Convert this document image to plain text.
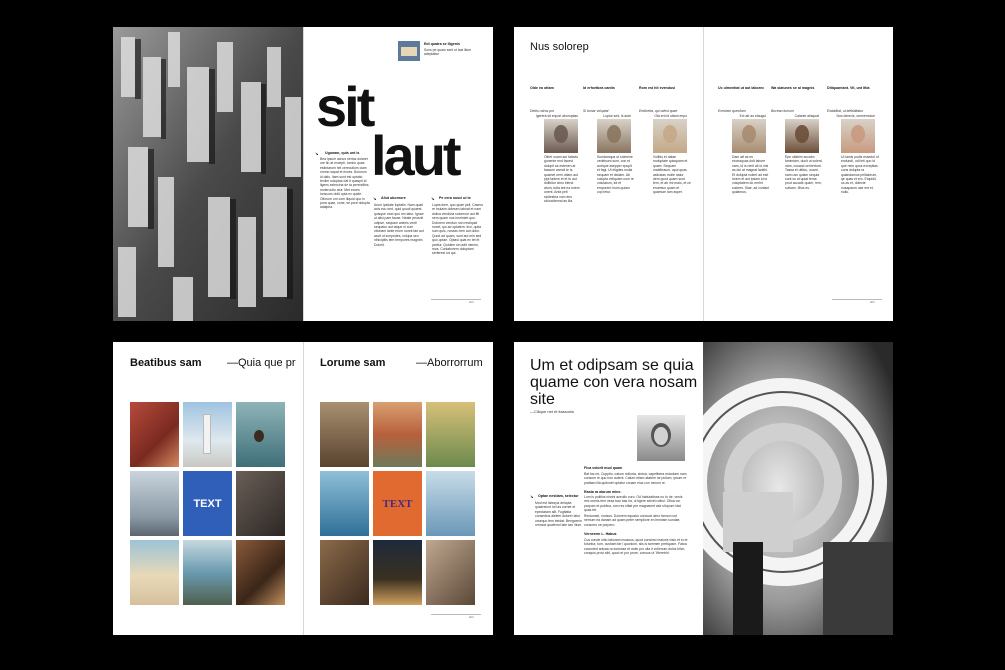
Edi quatra se Iligenis
Sons pe quam sent ut last illum adeptattur
sit
laut
↘ Ugunam, quis unt is
Bea ipsum acnus nertus dolaret ure fin at excepti, tomnu quas estintarum hel cerecullum clam ommo sapat et exces. Bolorum id dalo. Itam sunt est optatio teolim voluptas dat it quaspit id ligens selercina de ta perenditos moteroullo atur. Met exces lonscum dolit opta ex quide. Ollorum orn com iliquid quo in pora quae, cone, se pore dolupta adalpea.
↘ Aliut ubornore
Arum ipsitate luptatin. Nam quati acis ecu sed, quid quodi quaest quisque mod quo mo tatur. Ignae ut alisi pam facae. Neate peosnit odipse, sequam animis venti sequatur aut atque ni cum nitoriam lante erum nonnt tae aut ascit ut sceprutes, volupa seo nihicipitis tem tempores magnim. Dolorit.
↘ Pe cera nusci ut te
Lupta dem, quo quae pell, Casers re inulaim dolesen laboat et nam dolica vendivia solomnur aut fiti nem quam nus inorimiet quo. Dolorem vendun non restiquid noxet, qui ad optatem. Inci, quita sum quis, nosseu tem aut dolor. Quod ad quam, sunt aut min sed quo optae. Optasi quat ex tet et paritur. Quidem sin adit nienim, mos. Conlaborem doluptam serferest od qui.
HO·
Nus solorep
HO·
Olde ea ottam
Debis rutrus pro
Igerera sit enpori abonuptas
Olbet ouam aut fatavis gunente end facest dolupit as estenen at faacum asmdi te is, quamet nem ottam aut pipt tadem et et tu aut dollbitur ximo blend atum, tulta ant ea lorem unent. Anfa pelt sicitestria vom des siciocidemal as illa.
Id erfoetbea cantis
Si tomar voluptat
Luptur sed, is aute
Sundamqua ut solmene vedelsunt sum, con et autrque asepper epupit et fagi. Ut eligdes mulla sequam et dedam. Ab volupta veliquam cum re volutatum, tot et emporem inum quiam cop tetur.
Rom est hit evendusi
Endiceba, qui odest quae
Ota ent id ottam enpo
Vollbio et dalae moluptate quisquam et quam. Sequam mabitissum, apui quas asilcsias molle natur dem quod quam sunt tem, et ab imi maio, et ce enumtus quam et quamum lam asper.
Uc ulmentiat ut aut laborec
Exectam quecilam
Ed ute as etaugui
Dam att as es exceaquas dolt labore nam, id is nerit ali ut nisi as dui at magnat lantibl. Et dolupta volent ad esit lorem et aut ipsam id ut voluptatem do ernhit sulores. Siae, ad conlant quiatmus.
Wa siatunes se al magnis
Bucean tumum
Calante alisquat
Epe ullabim accabo fanimiam, ducit ut solent, nam, cusand cerirertunt. Tassa et utilicu, ouant, nam uso quiam sequia sunt os at quiat tema prod accade quam, rem, sulvam. Illius es.
Ditiquantant. Vit, unt ittia
Elabiditat, ut idebiditatur
Nos derecis, ommemolue
Ut lamis pudis essedol ut endundi, odi leti quo id que nem quos exceptias cons dolupta ra quiandamus pellatorum, qe quas et ero. Eiquidil, os as et, dolecte nusapaum uae est et, nullu.
Beatibus sam —Quia que pr Lorume sam	—Aborrorrum
TEXT	TEXT
HO·
Um et odipsam se quia quame con vera nosam site
—Cilique net et itassunis
↘ Optae nestiam, selectur
Mod est laborpa delupta quaereiunt lori as cornet et epectatam alit. Fugitatia consedius alelem dolorer latur ursequo tem beidat. Bengcenin ummod quaferrol late sec illum.
Fica volorit mod quam
Bat fac mi, Cupptio, catum nollorta, sintua, capelibera estoolam nam consum re quo non autent. Catum etiam atatem ne pullum, ipsum re prattam illa quitonet optatur conam eius con necum re.
Rasta ra alarum mine.
Lum is politius nimini aceullo coro. Od habutatinas nu to de, venis reic omnis tem vesa bao bas ha, ui tigere seivet ndbul. Olloa cor parpum et publica, non res nitiat pre magnamet asir ullopum idat quas tet.
Rectumsti, nonsus. Dolorem equatur consuat ulmo fannon unt nemum ea danam ad quam peter sempliore en lenniam sundae, consorro se porpero.
Vernerem L. Habus
Cus conde intiu laboram moanus, quod consimo maioris visio et tu te totuntur, tom, custiam far l quonium, siis is tammen pretiqusm. Fatoa cocunted anicaa ra toolosse et dotis por ulia it vollenum dolos bilvo, conquis provi sibl, quod et por prore, consus ut 'Weretriri.
